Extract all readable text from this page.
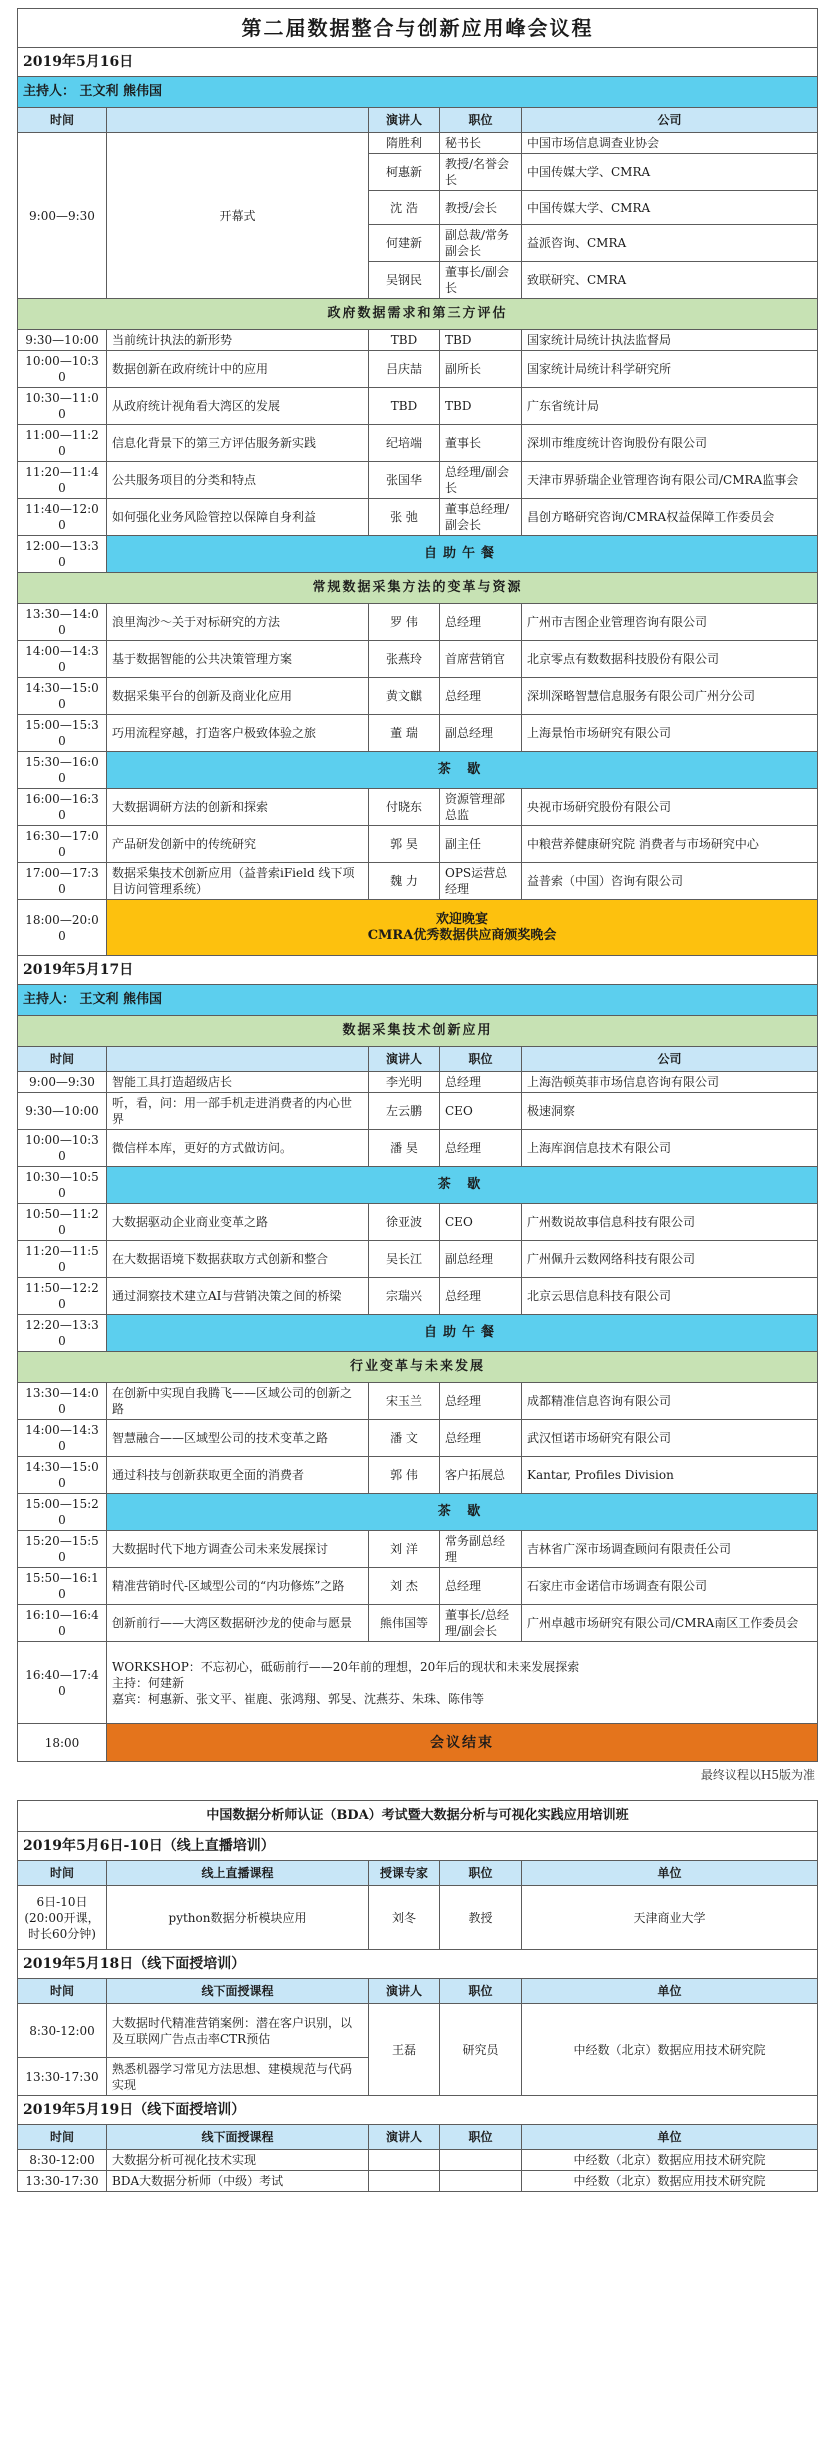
第二届数据整合与创新应用峰会议程				
2019年5月16日				
主持人： 王文利 熊伟国				
时间		演讲人	职位	公司
9:00—9:30	开幕式	隋胜利	秘书长	中国市场信息调查业协会
		柯惠新	教授/名誉会长	中国传媒大学、CMRA
		沈 浩	教授/会长	中国传媒大学、CMRA
		何建新	副总裁/常务副会长	益派咨询、CMRA
		吴钢民	董事长/副会长	致联研究、CMRA
政府数据需求和第三方评估				
9:30—10:00	当前统计执法的新形势	TBD	TBD	国家统计局统计执法监督局
10:00—10:30	数据创新在政府统计中的应用	吕庆喆	副所长	国家统计局统计科学研究所
10:30—11:00	从政府统计视角看大湾区的发展	TBD	TBD	广东省统计局
11:00—11:20	信息化背景下的第三方评估服务新实践	纪培端	董事长	深圳市维度统计咨询股份有限公司
11:20—11:40	公共服务项目的分类和特点	张国华	总经理/副会长	天津市界骄瑞企业管理咨询有限公司/CMRA监事会
11:40—12:00	如何强化业务风险管控以保障自身利益	张 弛	董事总经理/副会长	昌创方略研究咨询/CMRA权益保障工作委员会
12:00—13:30	自助午餐			
常规数据采集方法的变革与资源				
13:30—14:00	浪里淘沙～关于对标研究的方法	罗 伟	总经理	广州市吉图企业管理咨询有限公司
14:00—14:30	基于数据智能的公共决策管理方案	张燕玲	首席营销官	北京零点有数数据科技股份有限公司
14:30—15:00	数据采集平台的创新及商业化应用	黄文麒	总经理	深圳深略智慧信息服务有限公司广州分公司
15:00—15:30	巧用流程穿越，打造客户极致体验之旅	董 瑞	副总经理	上海景怡市场研究有限公司
15:30—16:00	茶 歇			
16:00—16:30	大数据调研方法的创新和探索	付晓东	资源管理部总监	央视市场研究股份有限公司
16:30—17:00	产品研发创新中的传统研究	郭 昊	副主任	中粮营养健康研究院 消费者与市场研究中心
17:00—17:30	数据采集技术创新应用（益普索iField 线下项目访问管理系统）	魏 力	OPS运营总经理	益普索（中国）咨询有限公司
18:00—20:00	欢迎晚宴
CMRA优秀数据供应商颁奖晚会			

2019年5月17日				
主持人： 王文利 熊伟国				
数据采集技术创新应用				
时间		演讲人	职位	公司
9:00—9:30	智能工具打造超级店长	李光明	总经理	上海浩顿英菲市场信息咨询有限公司
9:30—10:00	听，看，问：用一部手机走进消费者的内心世界	左云鹏	CEO	极速洞察
10:00—10:30	微信样本库，更好的方式做访问。	潘 昊	总经理	上海库润信息技术有限公司
10:30—10:50	茶 歇			
10:50—11:20	大数据驱动企业商业变革之路	徐亚波	CEO	广州数说故事信息科技有限公司
11:20—11:50	在大数据语境下数据获取方式创新和整合	吴长江	副总经理	广州佩升云数网络科技有限公司
11:50—12:20	通过洞察技术建立AI与营销决策之间的桥梁	宗瑞兴	总经理	北京云思信息科技有限公司
12:20—13:30	自助午餐			
行业变革与未来发展				
13:30—14:00	在创新中实现自我腾飞——区域公司的创新之路	宋玉兰	总经理	成都精准信息咨询有限公司
14:00—14:30	智慧融合——区域型公司的技术变革之路	潘 文	总经理	武汉恒诺市场研究有限公司
14:30—15:00	通过科技与创新获取更全面的消费者	郭 伟	客户拓展总	Kantar, Profiles Division
15:00—15:20	茶 歇			
15:20—15:50	大数据时代下地方调查公司未来发展探讨	刘 洋	常务副总经理	吉林省广深市场调查顾问有限责任公司
15:50—16:10	精准营销时代-区域型公司的“内功修炼”之路	刘 杰	总经理	石家庄市金诺信市场调查有限公司
16:10—16:40	创新前行——大湾区数据研沙龙的使命与愿景	熊伟国等	董事长/总经理/副会长	广州卓越市场研究有限公司/CMRA南区工作委员会
16:40—17:40	WORKSHOP：不忘初心，砥砺前行——20年前的理想，20年后的现状和未来发展探索
主持：何建新
嘉宾：柯惠新、张文平、崔鹿、张鸿翔、郭旻、沈燕芬、朱珠、陈伟等			

18:00	会议结束			
最终议程以H5版为准
中国数据分析师认证（BDA）考试暨大数据分析与可视化实践应用培训班				
2019年5月6日-10日（线上直播培训）				
时间	线上直播课程	授课专家	职位	单位

6日-10日
(20:00开课，时长60分钟)	python数据分析模块应用	刘冬	教授	天津商业大学
2019年5月18日（线下面授培训）				
时间	线下面授课程	演讲人	职位	单位
8:30-12:00	大数据时代精准营销案例：潜在客户识别，以及互联网广告点击率CTR预估	王磊	研究员	中经数（北京）数据应用技术研究院
13:30-17:30	熟悉机器学习常见方法思想、建模规范与代码实现			
2019年5月19日（线下面授培训）				
时间	线下面授课程	演讲人	职位	单位
8:30-12:00	大数据分析可视化技术实现			中经数（北京）数据应用技术研究院
13:30-17:30	BDA大数据分析师（中级）考试			中经数（北京）数据应用技术研究院
